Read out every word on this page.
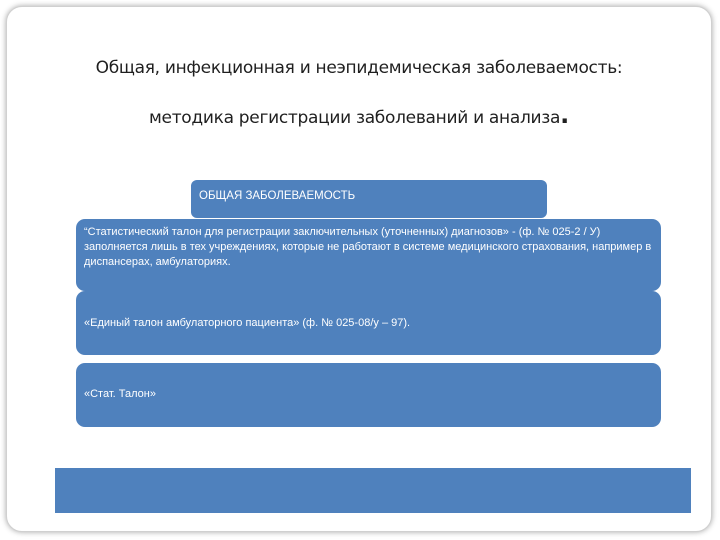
Общая, инфекционная и неэпидемическая заболеваемость:
методика регистрации заболеваний и анализа.
ОБЩАЯ ЗАБОЛЕВАЕМОСТЬ
“Статистический талон для регистрации заключительных (уточненных) диагнозов» - (ф. № 025-2 / У) заполняется лишь в тех учреждениях, которые не работают в системе медицинского страхования, например в диспансерах, амбулаториях.
«Единый талон амбулаторного пациента» (ф. № 025-08/у – 97).
«Стат. Талон»
